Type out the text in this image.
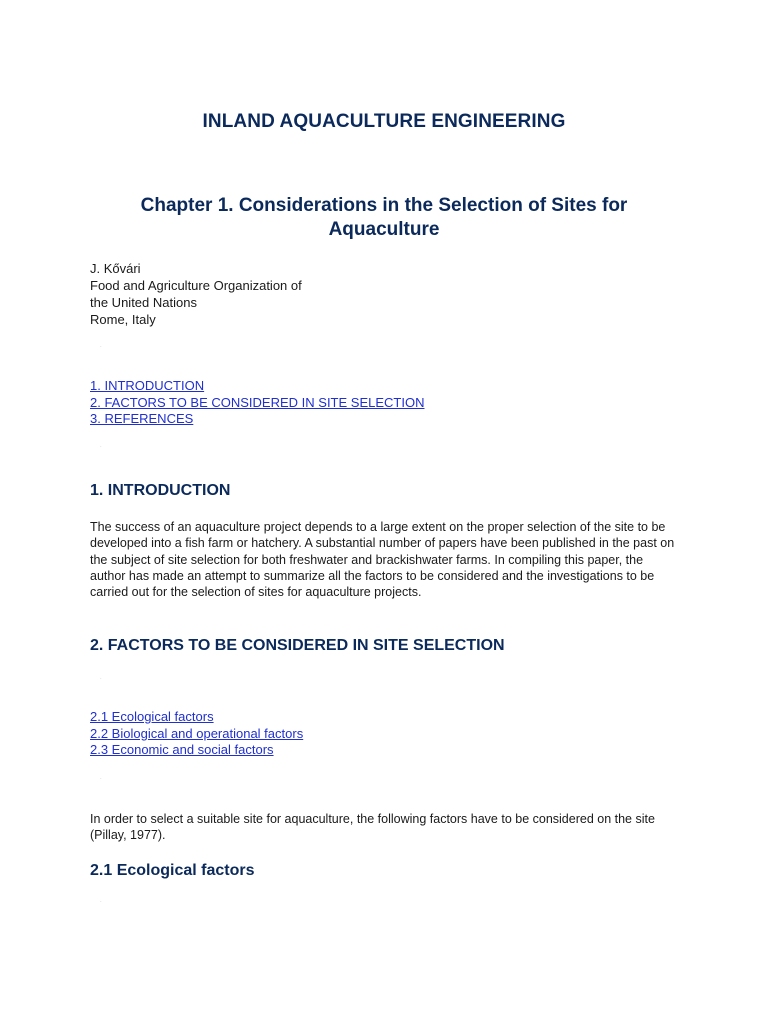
INLAND AQUACULTURE ENGINEERING
Chapter 1. Considerations in the Selection of Sites for Aquaculture
J. Kővári
Food and Agriculture Organization of
the United Nations
Rome, Italy
.
1. INTRODUCTION
2. FACTORS TO BE CONSIDERED IN SITE SELECTION
3. REFERENCES
.
1. INTRODUCTION

The success of an aquaculture project depends to a large extent on the proper selection of the site to be developed into a fish farm or hatchery. A substantial number of papers have been published in the past on the subject of site selection for both freshwater and brackishwater farms. In compiling this paper, the author has made an attempt to summarize all the factors to be considered and the investigations to be carried out for the selection of sites for aquaculture projects.

2. FACTORS TO BE CONSIDERED IN SITE SELECTION
.
2.1 Ecological factors
2.2 Biological and operational factors
2.3 Economic and social factors
.

In order to select a suitable site for aquaculture, the following factors have to be considered on the site (Pillay, 1977).

2.1 Ecological factors
.
